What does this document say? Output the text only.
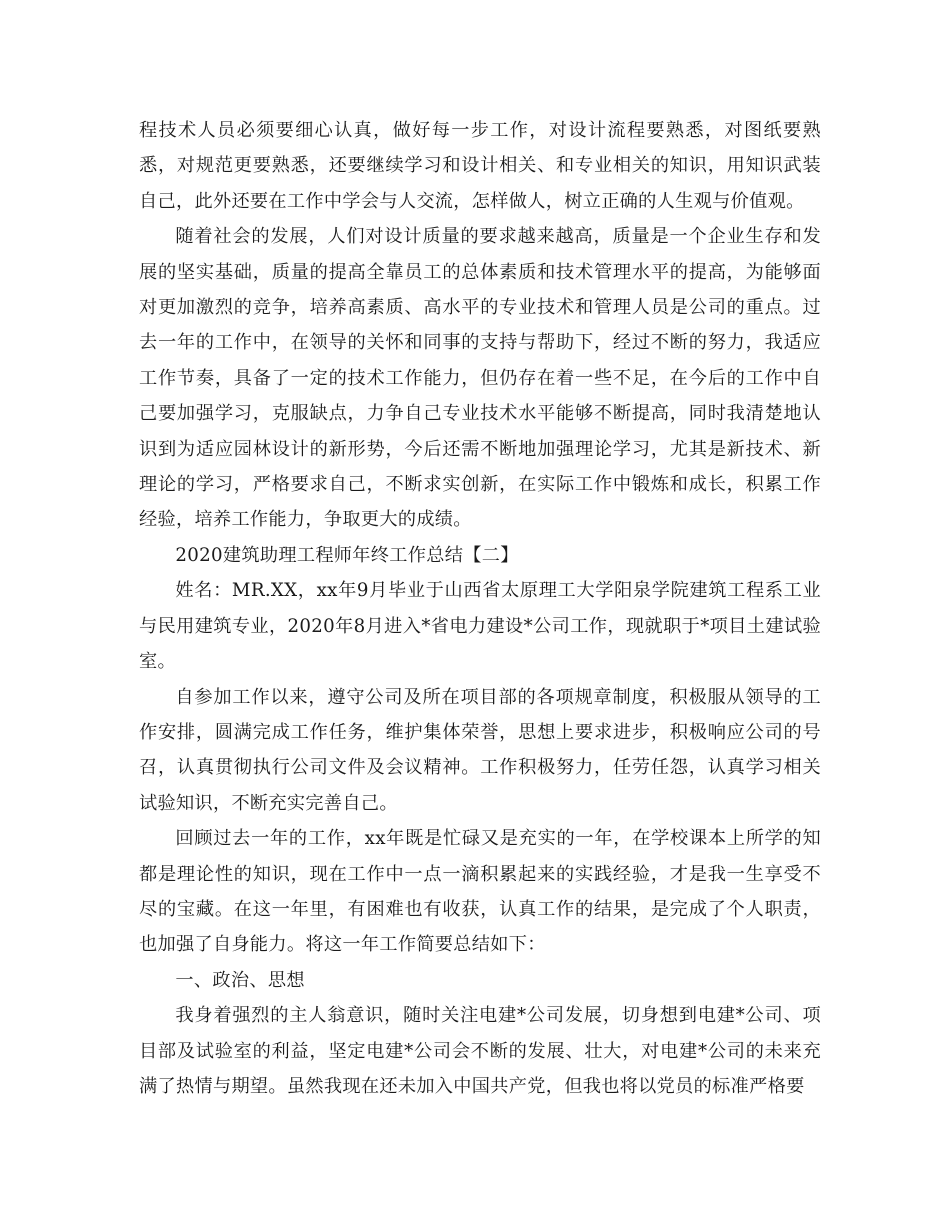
程技术人员必须要细心认真，做好每一步工作，对设计流程要熟悉，对图纸要熟悉，对规范更要熟悉，还要继续学习和设计相关、和专业相关的知识，用知识武装自己，此外还要在工作中学会与人交流，怎样做人，树立正确的人生观与价值观。

随着社会的发展，人们对设计质量的要求越来越高，质量是一个企业生存和发展的坚实基础，质量的提高全靠员工的总体素质和技术管理水平的提高，为能够面对更加激烈的竞争，培养高素质、高水平的专业技术和管理人员是公司的重点。过去一年的工作中，在领导的关怀和同事的支持与帮助下，经过不断的努力，我适应工作节奏，具备了一定的技术工作能力，但仍存在着一些不足，在今后的工作中自己要加强学习，克服缺点，力争自己专业技术水平能够不断提高，同时我清楚地认识到为适应园林设计的新形势，今后还需不断地加强理论学习，尤其是新技术、新理论的学习，严格要求自己，不断求实创新，在实际工作中锻炼和成长，积累工作经验，培养工作能力，争取更大的成绩。

2020建筑助理工程师年终工作总结【二】

姓名：MR.XX，xx年9月毕业于山西省太原理工大学阳泉学院建筑工程系工业与民用建筑专业，2020年8月进入*省电力建设*公司工作，现就职于*项目土建试验室。

自参加工作以来，遵守公司及所在项目部的各项规章制度，积极服从领导的工作安排，圆满完成工作任务，维护集体荣誉，思想上要求进步，积极响应公司的号召，认真贯彻执行公司文件及会议精神。工作积极努力，任劳任怨，认真学习相关试验知识，不断充实完善自己。

回顾过去一年的工作，xx年既是忙碌又是充实的一年，在学校课本上所学的知都是理论性的知识，现在工作中一点一滴积累起来的实践经验，才是我一生享受不尽的宝藏。在这一年里，有困难也有收获，认真工作的结果，是完成了个人职责，也加强了自身能力。将这一年工作简要总结如下：

一、政治、思想

我身着强烈的主人翁意识，随时关注电建*公司发展，切身想到电建*公司、项目部及试验室的利益，坚定电建*公司会不断的发展、壮大，对电建*公司的未来充满了热情与期望。虽然我现在还未加入中国共产党，但我也将以党员的标准严格要
